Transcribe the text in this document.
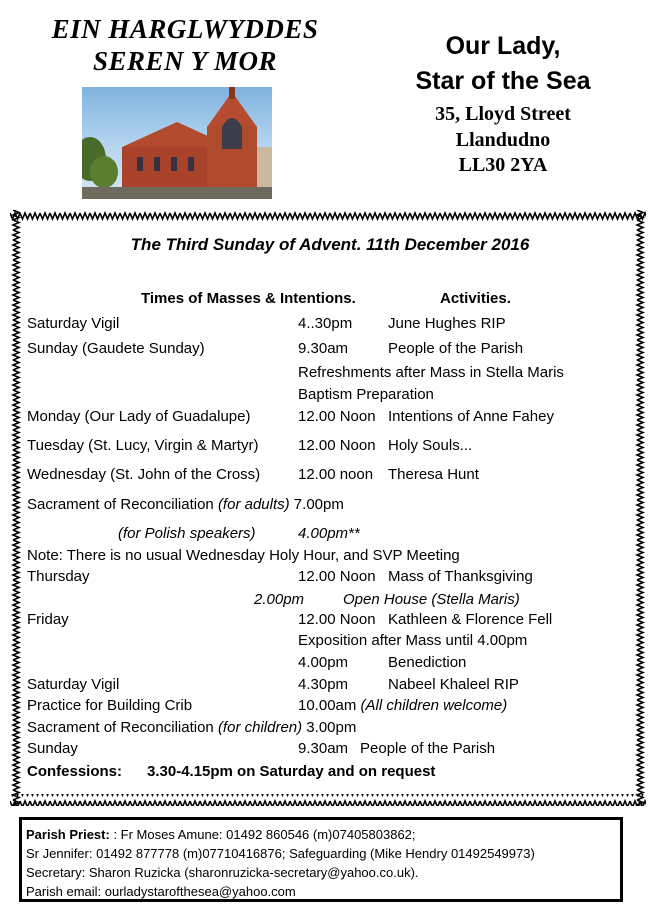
EIN HARGLWYDDES
SEREN Y MOR	Our Lady,
Star of the Sea
35, Lloyd Street
Llandudno
LL30 2YA
The Third Sunday of Advent. 11th December 2016
Times of Masses & Intentions.	Activities.
Saturday Vigil	4..30pm June Hughes RIP
Sunday (Gaudete Sunday)	9.30am	People of the Parish
Refreshments after Mass in Stella Maris
Baptism Preparation
Monday (Our Lady of Guadalupe)	12.00 Noon Intentions of Anne Fahey
Tuesday (St. Lucy, Virgin & Martyr)	12.00 Noon Holy Souls...
Wednesday (St. John of the Cross)	12.00 noon Theresa Hunt
Sacrament of Reconciliation (for adults) 7.00pm
(for Polish speakers)	4.00pm**
Note: There is no usual Wednesday Holy Hour, and SVP Meeting
Thursday	12.00 Noon Mass of Thanksgiving
2.00pm	Open House (Stella Maris)
Friday	12.00 Noon Kathleen & Florence Fell
Exposition after Mass until 4.00pm
4.00pm	Benediction
Saturday Vigil	4.30pm	Nabeel Khaleel RIP
Practice for Building Crib	10.00am (All children welcome)
Sacrament of Reconciliation (for children) 3.00pm
Sunday	9.30am People of the Parish
Confessions: 3.30-4.15pm on Saturday and on request
Parish Priest: : Fr Moses Amune: 01492 860546 (m)07405803862;
Sr Jennifer: 01492 877778 (m)07710416876; Safeguarding (Mike Hendry 01492549973)
Secretary: Sharon Ruzicka (sharonruzicka-secretary@yahoo.co.uk).
Parish email: ourladystaroftheseа@yahoo.com
